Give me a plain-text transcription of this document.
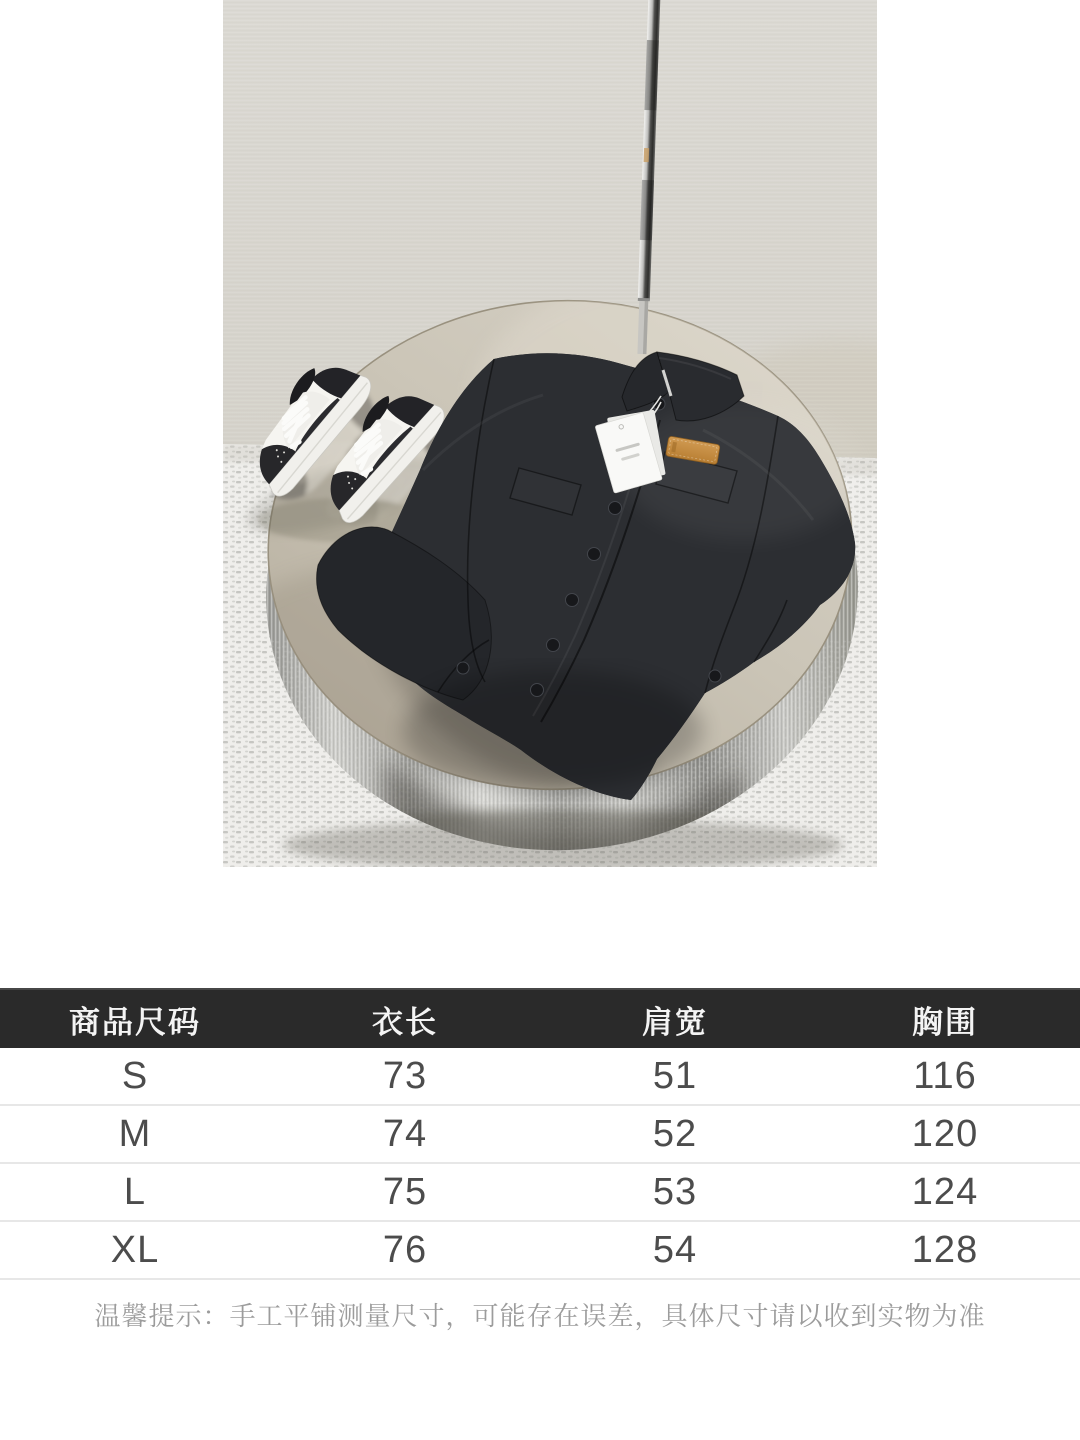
商品尺码	衣长	肩宽	胸围
S	73	51	116
M	74	52	120
L	75	53	124
XL	76	54	128
温馨提示：手工平铺测量尺寸，可能存在误差，具体尺寸请以收到实物为准
